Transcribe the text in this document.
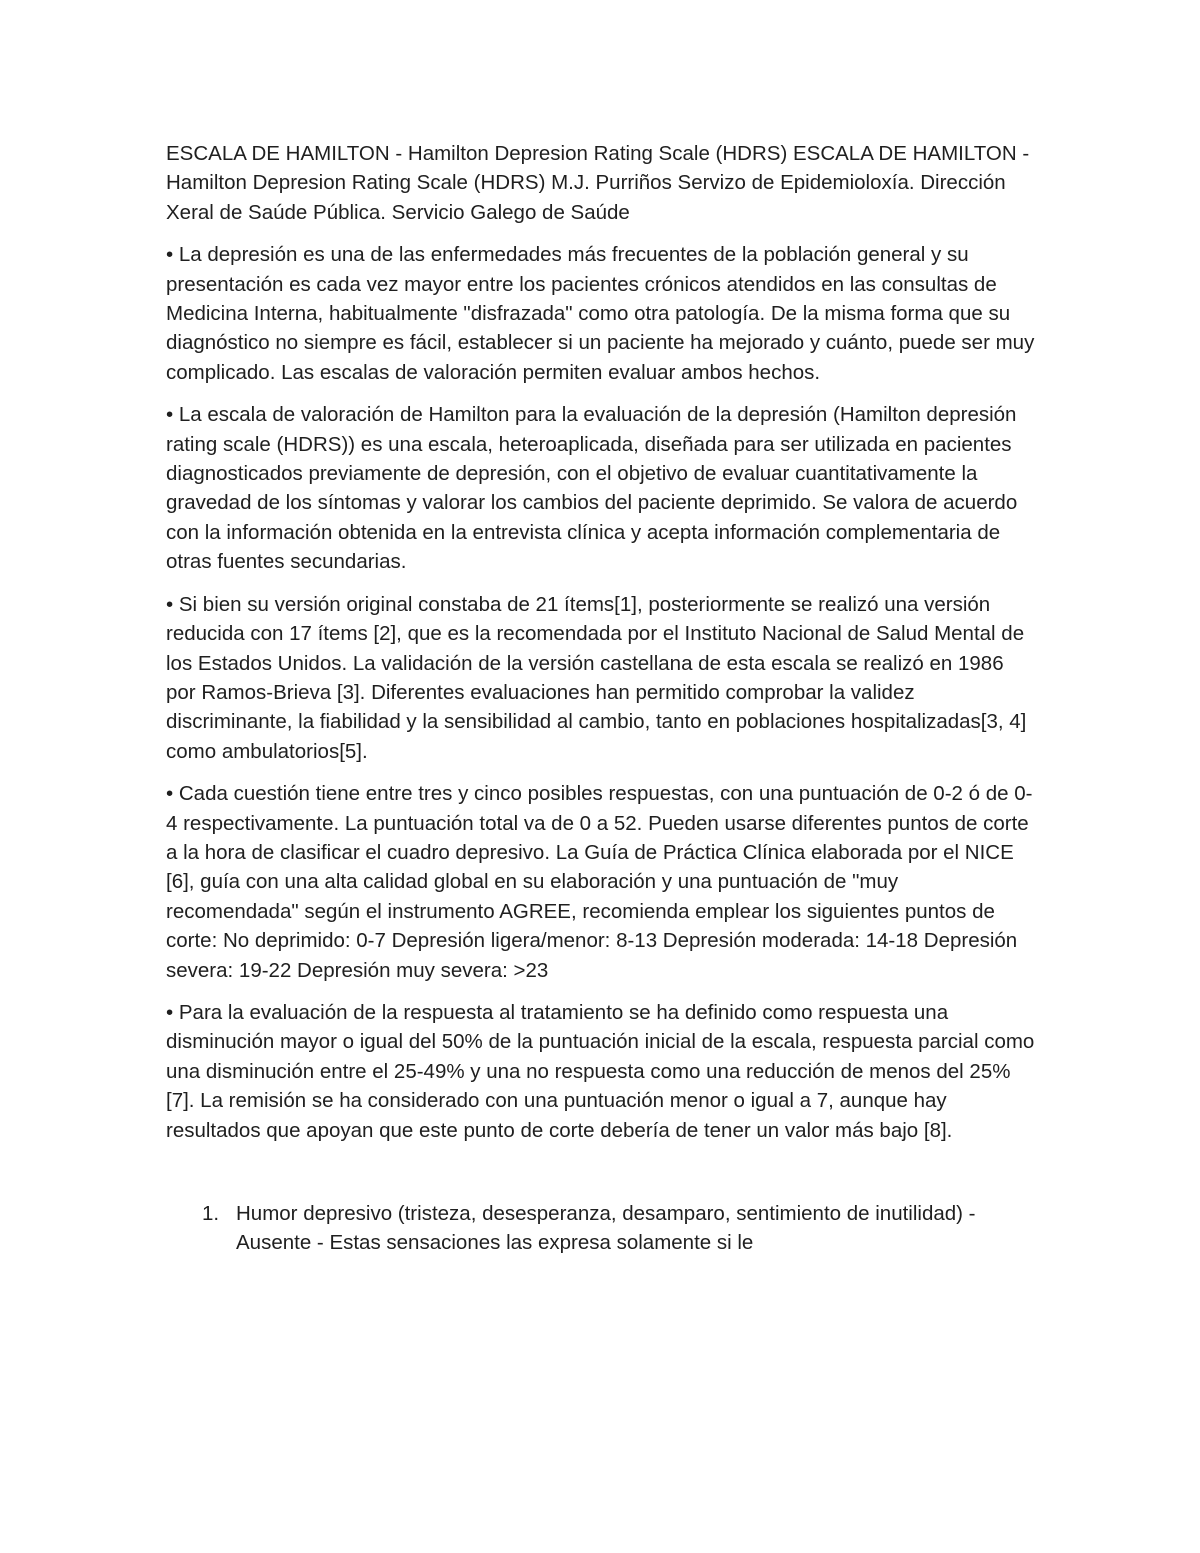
ESCALA DE HAMILTON - Hamilton Depresion Rating Scale (HDRS) ESCALA DE HAMILTON - Hamilton Depresion Rating Scale (HDRS) M.J. Purriños Servizo de Epidemioloxía. Dirección Xeral de Saúde Pública. Servicio Galego de Saúde

• La depresión es una de las enfermedades más frecuentes de la población general y su presentación es cada vez mayor entre los pacientes crónicos atendidos en las consultas de Medicina Interna, habitualmente "disfrazada" como otra patología. De la misma forma que su diagnóstico no siempre es fácil, establecer si un paciente ha mejorado y cuánto, puede ser muy complicado. Las escalas de valoración permiten evaluar ambos hechos.

• La escala de valoración de Hamilton para la evaluación de la depresión (Hamilton depresión rating scale (HDRS)) es una escala, heteroaplicada, diseñada para ser utilizada en pacientes diagnosticados previamente de depresión, con el objetivo de evaluar cuantitativamente la gravedad de los síntomas y valorar los cambios del paciente deprimido. Se valora de acuerdo con la información obtenida en la entrevista clínica y acepta información complementaria de otras fuentes secundarias.

• Si bien su versión original constaba de 21 ítems[1], posteriormente se realizó una versión reducida con 17 ítems [2], que es la recomendada por el Instituto Nacional de Salud Mental de los Estados Unidos. La validación de la versión castellana de esta escala se realizó en 1986 por Ramos-Brieva [3]. Diferentes evaluaciones han permitido comprobar la validez discriminante, la fiabilidad y la sensibilidad al cambio, tanto en poblaciones hospitalizadas[3, 4] como ambulatorios[5].

• Cada cuestión tiene entre tres y cinco posibles respuestas, con una puntuación de 0-2 ó de 0-4 respectivamente. La puntuación total va de 0 a 52. Pueden usarse diferentes puntos de corte a la hora de clasificar el cuadro depresivo. La Guía de Práctica Clínica elaborada por el NICE [6], guía con una alta calidad global en su elaboración y una puntuación de "muy recomendada" según el instrumento AGREE, recomienda emplear los siguientes puntos de corte: No deprimido: 0-7 Depresión ligera/menor: 8-13 Depresión moderada: 14-18 Depresión severa: 19-22 Depresión muy severa: >23

• Para la evaluación de la respuesta al tratamiento se ha definido como respuesta una disminución mayor o igual del 50% de la puntuación inicial de la escala, respuesta parcial como una disminución entre el 25-49% y una no respuesta como una reducción de menos del 25% [7]. La remisión se ha considerado con una puntuación menor o igual a 7, aunque hay resultados que apoyan que este punto de corte debería de tener un valor más bajo [8].

1. Humor depresivo (tristeza, desesperanza, desamparo, sentimiento de inutilidad) - Ausente - Estas sensaciones las expresa solamente si le
